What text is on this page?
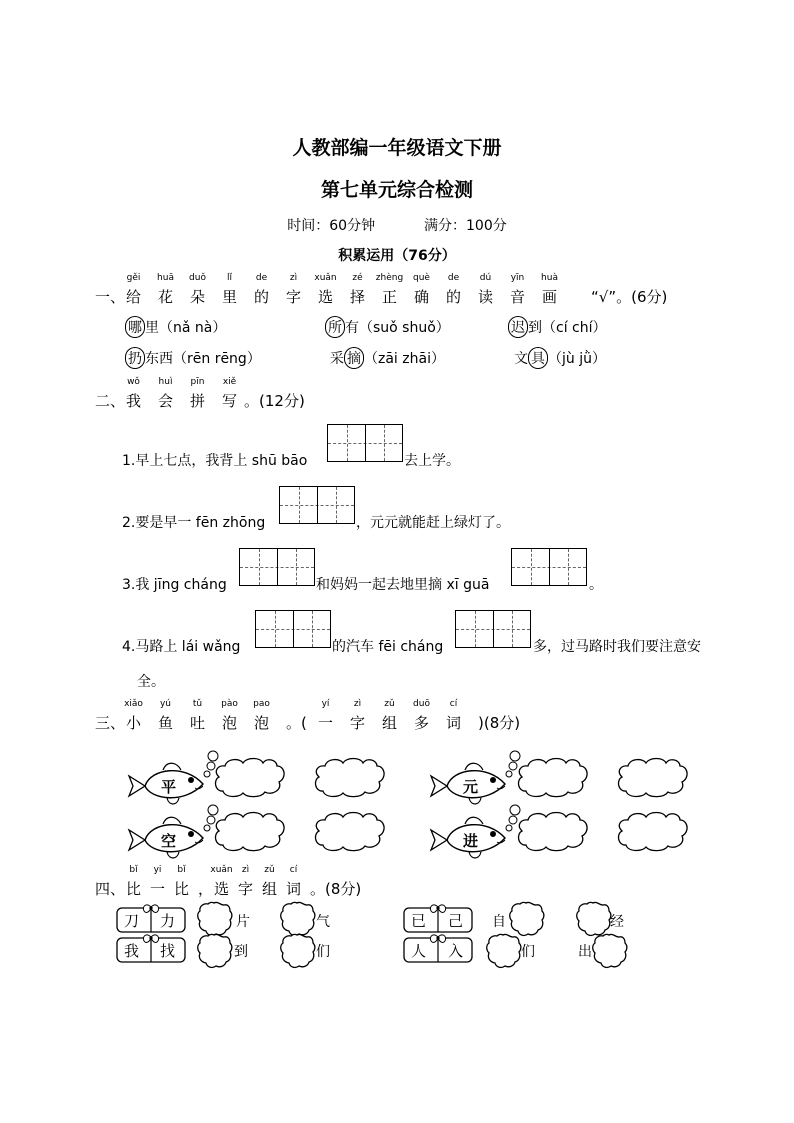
人教部编一年级语文下册
第七单元综合检测
时间：60分钟	满分：100分
积累运用（76分）
一、
gěi
给
huā
花
duǒ
朵
lǐ
里
de
的
zì
字
xuǎn
选
zé
择
zhèng
正
què
确
de
的
dú
读
yīn
音
huà
画 “√”。(6分)
哪 里（nǎ nà）	所 有（suǒ shuǒ）	迟 到（cí chí）
扔 东西（rēn rēng）	采 摘 （zāi zhāi）	文 具 （jù jǜ）
二、
wǒ
我
huì
会
pīn
拼
xiě
写 。(12分)
1.早上七点，我背上 shū bāo	去上学。
2.要是早一 fēn zhōng	，元元就能赶上绿灯了。
3.我 jīng cháng	和妈妈一起去地里摘 xī guā	。
4.马路上 lái wǎng	的汽车 fēi cháng	多，过马路时我们要注意安
全。
三、
xiǎo
小
yú
鱼
tǔ
吐
pào
泡
pao
泡 。(
yí
一
zì
字
zǔ
组
duō
多
cí
词 )(8分)
平	元
空	进
四、
bǐ
比
yi
一
bǐ
比 ，
xuǎn
选
zì
字
zǔ
组
cí
词 。(8分)
刀 力	片	气
我 找	到	们
已 己 自	经
人 入	们	出
